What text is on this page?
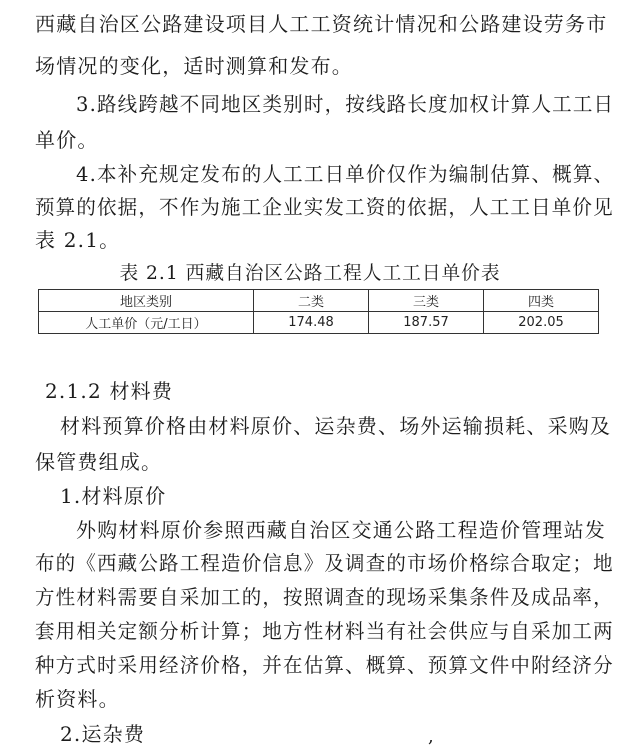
西藏自治区公路建设项目人工工资统计情况和公路建设劳务市
场情况的变化，适时测算和发布。
3.路线跨越不同地区类别时，按线路长度加权计算人工工日
单价。
4.本补充规定发布的人工工日单价仅作为编制估算、概算、
预算的依据，不作为施工企业实发工资的依据，人工工日单价见
表 2.1。
表 2.1 西藏自治区公路工程人工工日单价表
地区类别	二类	三类	四类
人工单价（元/工日）	174.48	187.57	202.05
2.1.2 材料费
材料预算价格由材料原价、运杂费、场外运输损耗、采购及
保管费组成。
1.材料原价
外购材料原价参照西藏自治区交通公路工程造价管理站发
布的《西藏公路工程造价信息》及调查的市场价格综合取定；地
方性材料需要自采加工的，按照调查的现场采集条件及成品率，
套用相关定额分析计算；地方性材料当有社会供应与自采加工两
种方式时采用经济价格，并在估算、概算、预算文件中附经济分
析资料。
2.运杂费	,
